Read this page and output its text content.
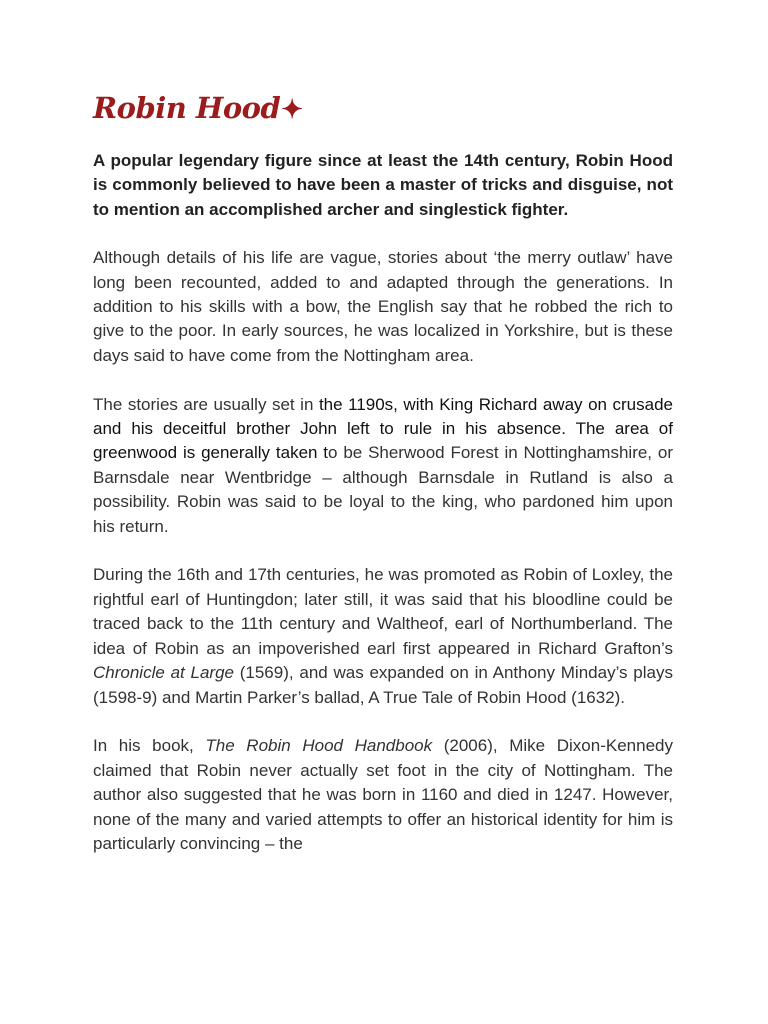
Robin Hood✦

A popular legendary figure since at least the 14th century, Robin Hood is commonly believed to have been a master of tricks and disguise, not to mention an accomplished archer and singlestick fighter.

Although details of his life are vague, stories about ‘the merry outlaw’ have long been recounted, added to and adapted through the generations. In addition to his skills with a bow, the English say that he robbed the rich to give to the poor. In early sources, he was localized in Yorkshire, but is these days said to have come from the Nottingham area.

The stories are usually set in the 1190s, with King Richard away on crusade and his deceitful brother John left to rule in his absence. The area of greenwood is generally taken to be Sherwood Forest in Nottinghamshire, or Barnsdale near Wentbridge – although Barnsdale in Rutland is also a possibility. Robin was said to be loyal to the king, who pardoned him upon his return.

During the 16th and 17th centuries, he was promoted as Robin of Loxley, the rightful earl of Huntingdon; later still, it was said that his bloodline could be traced back to the 11th century and Waltheof, earl of Northumberland. The idea of Robin as an impoverished earl first appeared in Richard Grafton’s Chronicle at Large (1569), and was expanded on in Anthony Minday’s plays (1598-9) and Martin Parker’s ballad, A True Tale of Robin Hood (1632).

In his book, The Robin Hood Handbook (2006), Mike Dixon-Kennedy claimed that Robin never actually set foot in the city of Nottingham. The author also suggested that he was born in 1160 and died in 1247. However, none of the many and varied attempts to offer an historical identity for him is particularly convincing – the
